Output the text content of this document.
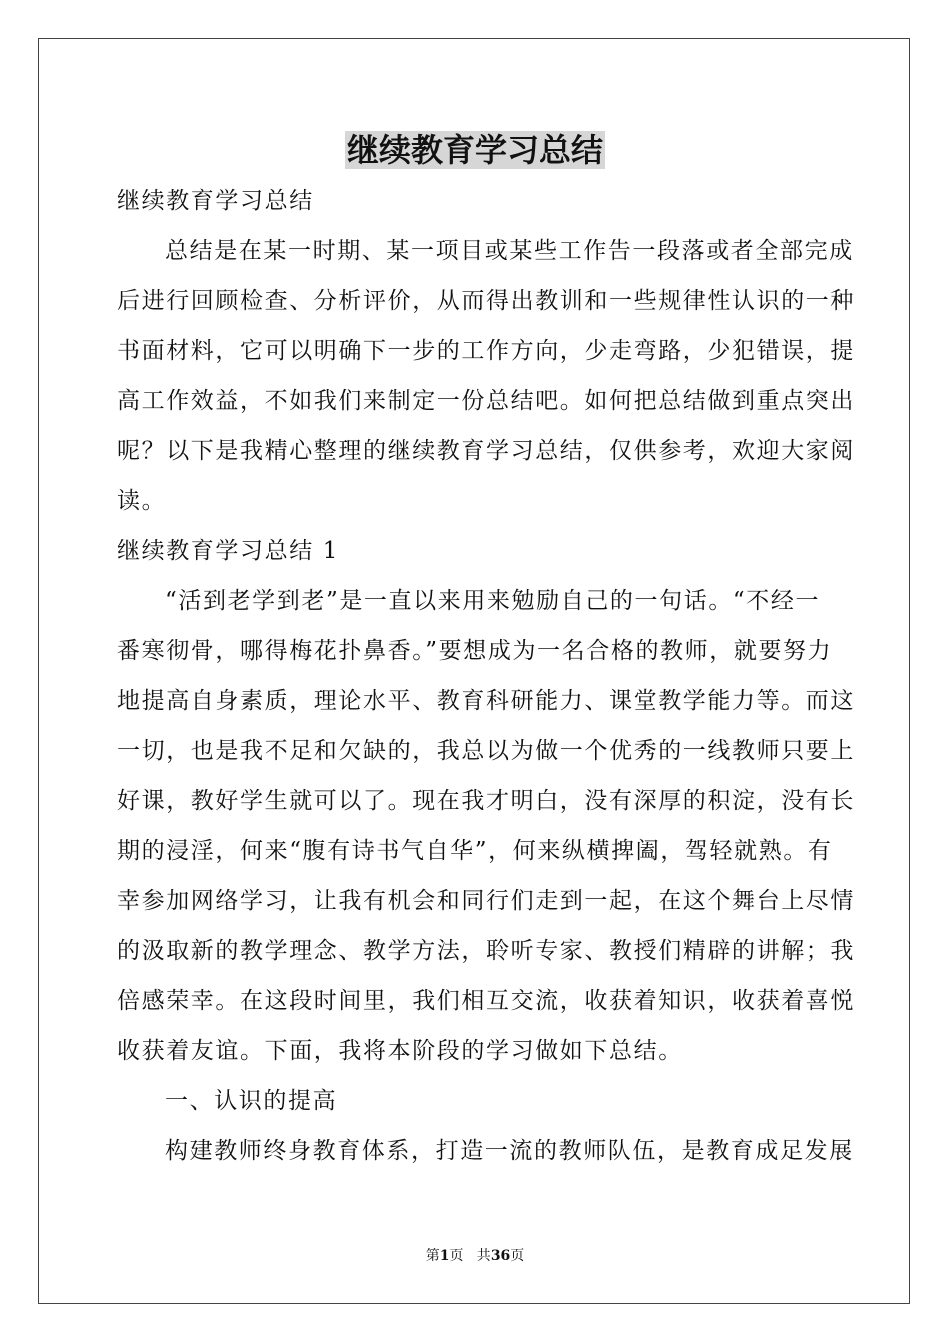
继续教育学习总结
继续教育学习总结
总结是在某一时期、某一项目或某些工作告一段落或者全部完成
后进行回顾检查、分析评价，从而得出教训和一些规律性认识的一种
书面材料，它可以明确下一步的工作方向，少走弯路，少犯错误，提
高工作效益，不如我们来制定一份总结吧。如何把总结做到重点突出
呢？以下是我精心整理的继续教育学习总结，仅供参考，欢迎大家阅
读。
继续教育学习总结 1
“活到老学到老”是一直以来用来勉励自己的一句话。“不经一
番寒彻骨，哪得梅花扑鼻香。”要想成为一名合格的教师，就要努力
地提高自身素质，理论水平、教育科研能力、课堂教学能力等。而这
一切，也是我不足和欠缺的，我总以为做一个优秀的一线教师只要上
好课，教好学生就可以了。现在我才明白，没有深厚的积淀，没有长
期的浸淫，何来“腹有诗书气自华”，何来纵横捭阖，驾轻就熟。有
幸参加网络学习，让我有机会和同行们走到一起，在这个舞台上尽情
的汲取新的教学理念、教学方法，聆听专家、教授们精辟的讲解；我
倍感荣幸。在这段时间里，我们相互交流，收获着知识，收获着喜悦
收获着友谊。下面，我将本阶段的学习做如下总结。
一、认识的提高
构建教师终身教育体系，打造一流的教师队伍，是教育成足发展
第1页   共36页
